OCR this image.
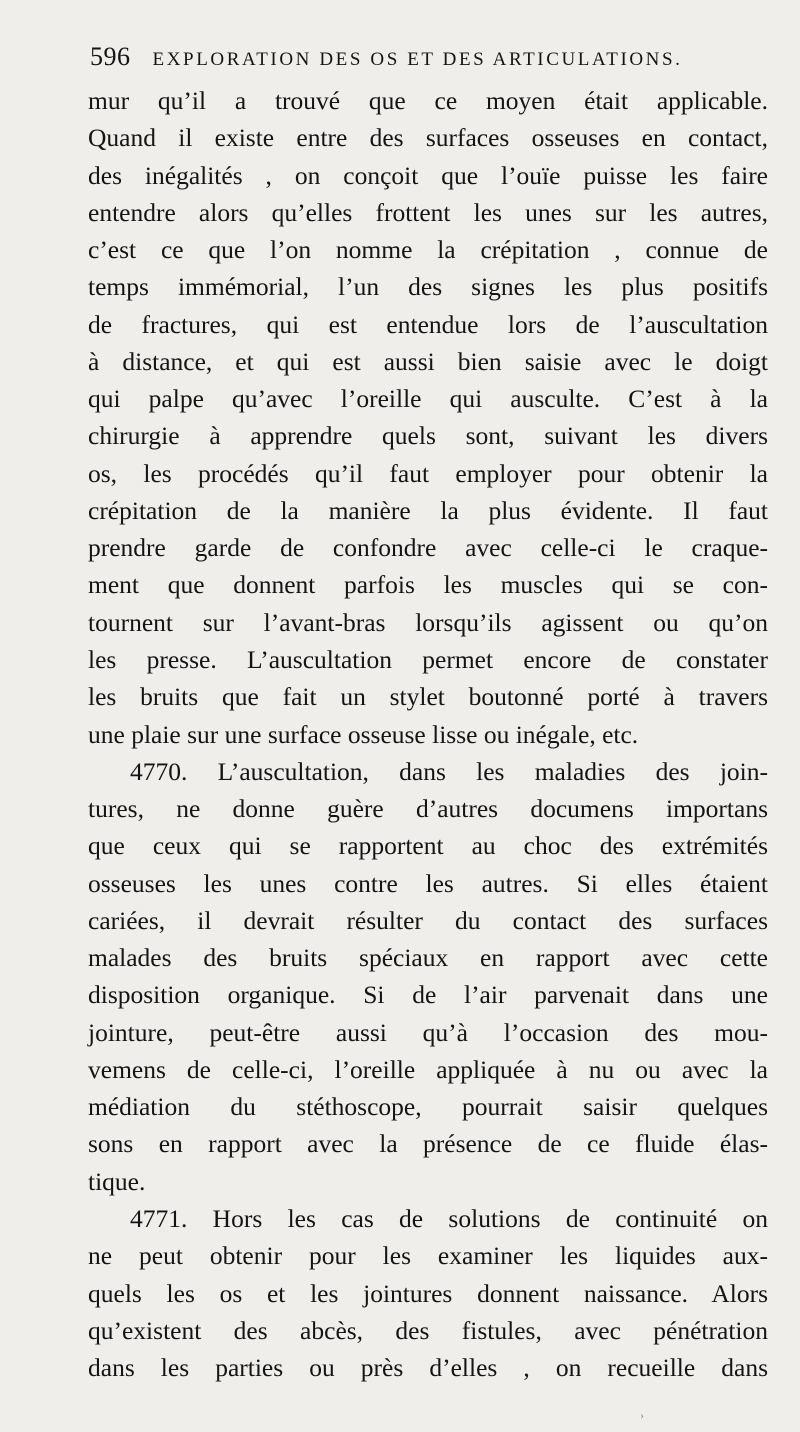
596 EXPLORATION DES OS ET DES ARTICULATIONS.
mur qu’il a trouvé que ce moyen était applicable.
Quand il existe entre des surfaces osseuses en contact,
des inégalités , on conçoit que l’ouïe puisse les faire
entendre alors qu’elles frottent les unes sur les autres,
c’est ce que l’on nomme la crépitation , connue de
temps immémorial, l’un des signes les plus positifs
de fractures, qui est entendue lors de l’auscultation
à distance, et qui est aussi bien saisie avec le doigt
qui palpe qu’avec l’oreille qui ausculte. C’est à la
chirurgie à apprendre quels sont, suivant les divers
os, les procédés qu’il faut employer pour obtenir la
crépitation de la manière la plus évidente. Il faut
prendre garde de confondre avec celle-ci le craque-
ment que donnent parfois les muscles qui se con-
tournent sur l’avant-bras lorsqu’ils agissent ou qu’on
les presse. L’auscultation permet encore de constater
les bruits que fait un stylet boutonné porté à travers
une plaie sur une surface osseuse lisse ou inégale, etc.
4770. L’auscultation, dans les maladies des join-
tures, ne donne guère d’autres documens importans
que ceux qui se rapportent au choc des extrémités
osseuses les unes contre les autres. Si elles étaient
cariées, il devrait résulter du contact des surfaces
malades des bruits spéciaux en rapport avec cette
disposition organique. Si de l’air parvenait dans une
jointure, peut-être aussi qu’à l’occasion des mou-
vemens de celle-ci, l’oreille appliquée à nu ou avec la
médiation du stéthoscope, pourrait saisir quelques
sons en rapport avec la présence de ce fluide élas-
tique.
4771. Hors les cas de solutions de continuité on
ne peut obtenir pour les examiner les liquides aux-
quels les os et les jointures donnent naissance. Alors
qu’existent des abcès, des fistules, avec pénétration
dans les parties ou près d’elles , on recueille dans
›
